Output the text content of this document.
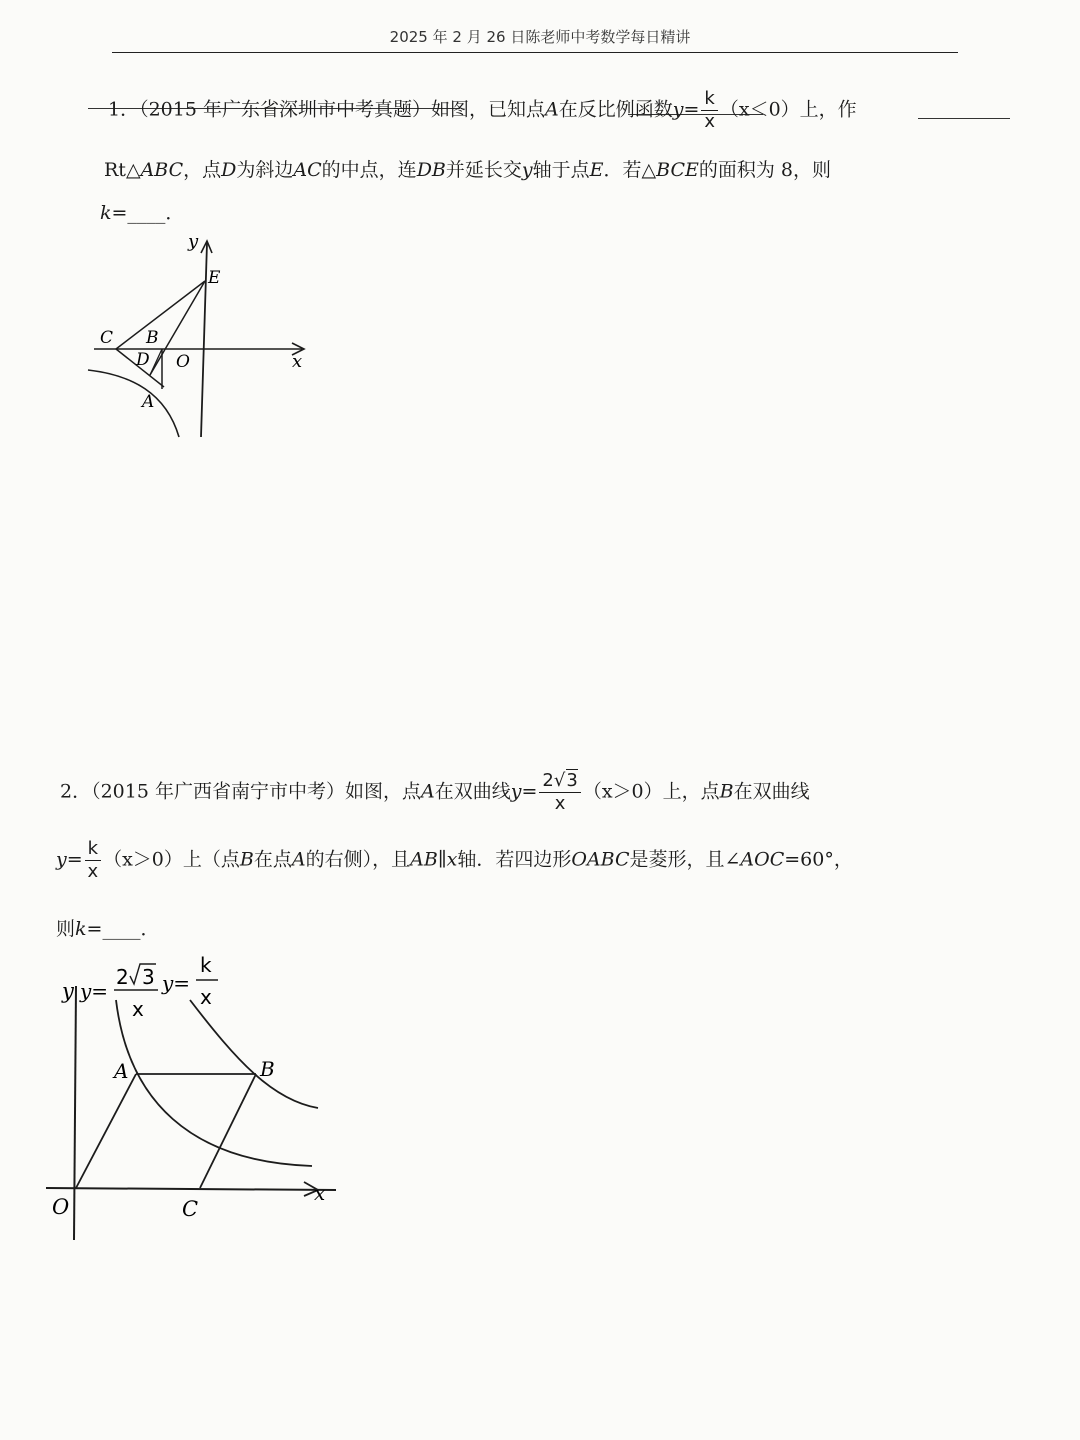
2025 年 2 月 26 日陈老师中考数学每日精讲
1．（2015 年广东省深圳市中考真题）如图，已知点A在反比例函数$y= \frac{k}{x} (x<0)$上，作
Rt△ABC，点D为斜边AC的中点，连DB并延长交y轴于点E．若△BCE的面积为 8，则
k=____．
y
E
C B
D O	x
A
2．（2015 年广西省南宁市中考）如图，点A在双曲线$y= \frac{2√3}{x} (x>0)$上，点B在双曲线
$y= \frac{k}{x} (x>0)$上（点B在点A的右侧），且AB∥x轴．若四边形OABC是菱形，且∠AOC=60°，
则k=____．
y y=
2 3
x
y=
k
x
A	B
O	C
x
